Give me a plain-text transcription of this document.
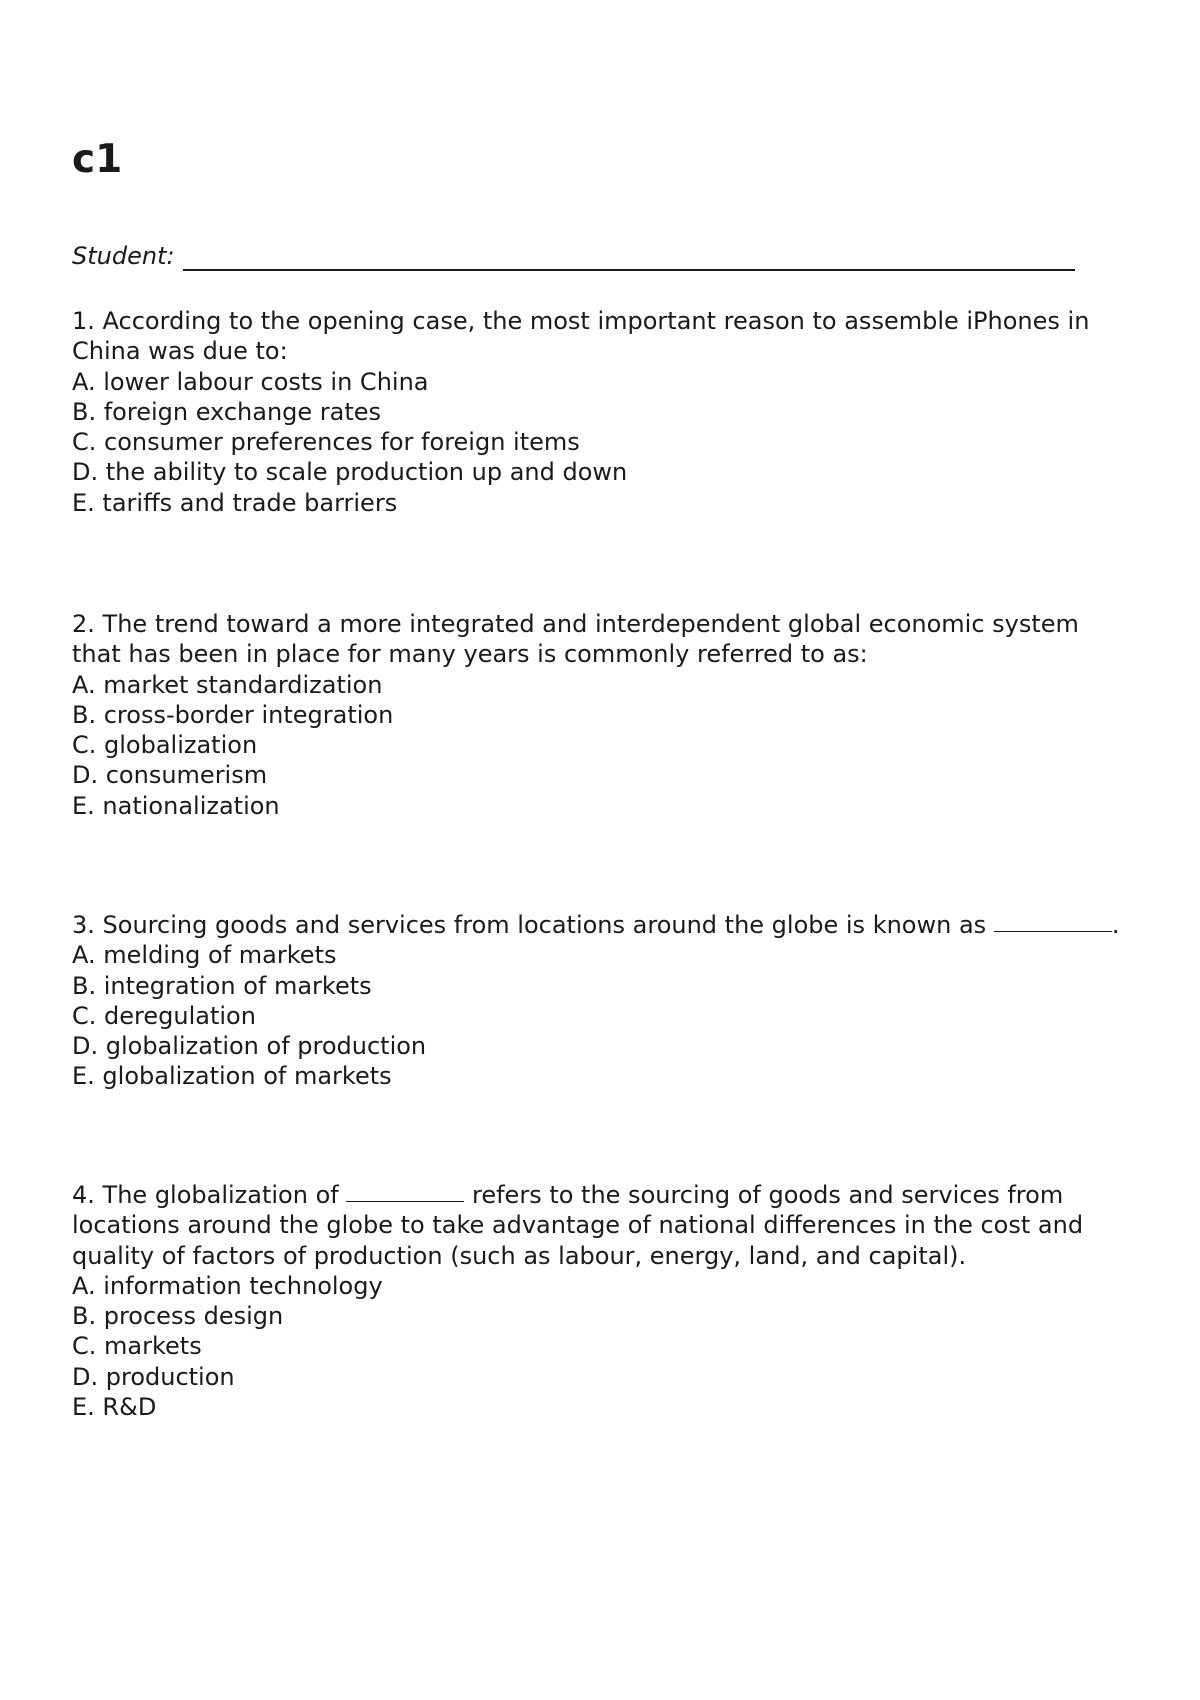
c1
Student:
1. According to the opening case, the most important reason to assemble iPhones in China was due to:
A. lower labour costs in China
B. foreign exchange rates
C. consumer preferences for foreign items
D. the ability to scale production up and down
E. tariffs and trade barriers
2. The trend toward a more integrated and interdependent global economic system that has been in place for many years is commonly referred to as:
A. market standardization
B. cross-border integration
C. globalization
D. consumerism
E. nationalization
3. Sourcing goods and services from locations around the globe is known as	.
A. melding of markets
B. integration of markets
C. deregulation
D. globalization of production
E. globalization of markets
4. The globalization of	refers to the sourcing of goods and services from locations around the globe to take advantage of national differences in the cost and quality of factors of production (such as labour, energy, land, and capital).
A. information technology
B. process design
C. markets
D. production
E. R&D
